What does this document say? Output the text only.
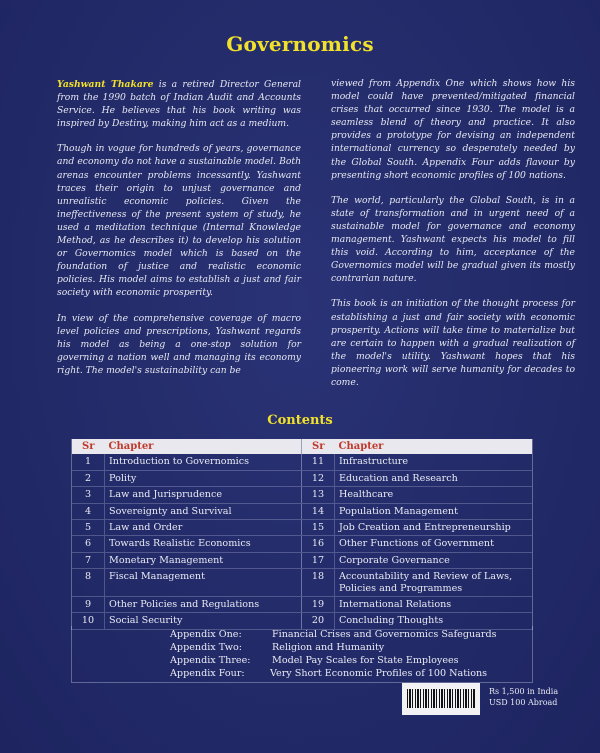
Governomics

Yashwant Thakare is a retired Director General from the 1990 batch of Indian Audit and Accounts Service. He believes that his book writing was inspired by Destiny, making him act as a medium.

Though in vogue for hundreds of years, governance and economy do not have a sustainable model. Both arenas encounter problems incessantly. Yashwant traces their origin to unjust governance and unrealistic economic policies. Given the ineffectiveness of the present system of study, he used a meditation technique (Internal Knowledge Method, as he describes it) to develop his solution or Governomics model which is based on the foundation of justice and realistic economic policies. His model aims to establish a just and fair society with economic prosperity.

In view of the comprehensive coverage of macro level policies and prescriptions, Yashwant regards his model as being a one-stop solution for governing a nation well and managing its economy right. The model's sustainability can be

viewed from Appendix One which shows how his model could have prevented/mitigated financial crises that occurred since 1930. The model is a seamless blend of theory and practice. It also provides a prototype for devising an independent international currency so desperately needed by the Global South. Appendix Four adds flavour by presenting short economic profiles of 100 nations.

The world, particularly the Global South, is in a state of transformation and in urgent need of a sustainable model for governance and economy management. Yashwant expects his model to fill this void. According to him, acceptance of the Governomics model will be gradual given its mostly contrarian nature.

This book is an initiation of the thought process for establishing a just and fair society with economic prosperity. Actions will take time to materialize but are certain to happen with a gradual realization of the model's utility. Yashwant hopes that his pioneering work will serve humanity for decades to come.

Contents
Sr	Chapter	Sr	Chapter
1	Introduction to Governomics	11	Infrastructure
2	Polity	12	Education and Research
3	Law and Jurisprudence	13	Healthcare
4	Sovereignty and Survival	14	Population Management
5	Law and Order	15	Job Creation and Entrepreneurship
6	Towards Realistic Economics	16	Other Functions of Government
7	Monetary Management	17	Corporate Governance
8	Fiscal Management	18	Accountability and Review of Laws, Policies and Programmes
9	Other Policies and Regulations	19	International Relations
10	Social Security	20	Concluding Thoughts
Appendix One:	Financial Crises and Governomics Safeguards
Appendix Two:	Religion and Humanity
Appendix Three: Model Pay Scales for State Employees
Appendix Four:	Very Short Economic Profiles of 100 Nations

Rs 1,500 in India
USD 100 Abroad
